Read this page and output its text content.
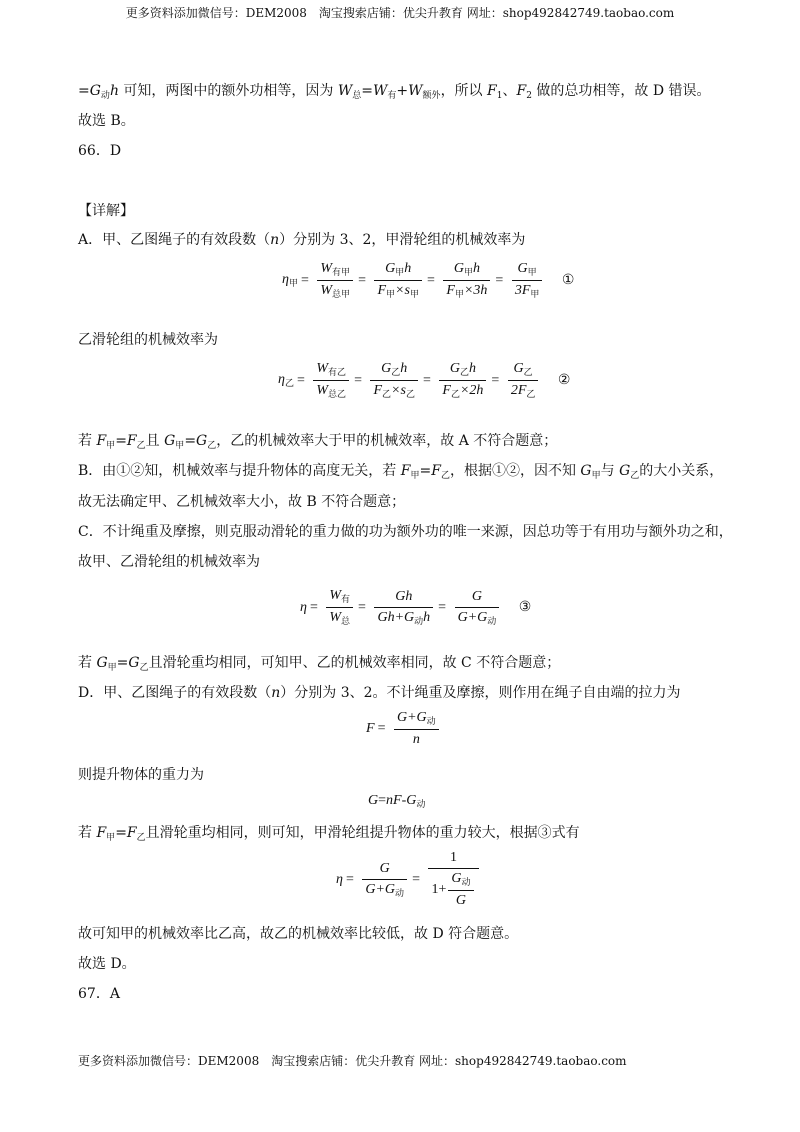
更多资料添加微信号：DEM2008　淘宝搜索店铺：优尖升教育 网址：shop492842749.taobao.com
$=G_动h$ 可知，两图中的额外功相等，因为 $W_总=W_有+W_{额外}$，所以 $F_1$、$F_2$ 做的总功相等，故 D 错误。
故选 B。
66．D
【详解】
A．甲、乙图绳子的有效段数（n）分别为 3、2，甲滑轮组的机械效率为
$\eta_甲 = \frac{W_{有甲}}{W_{总甲}} = \frac{G_甲h}{F_甲\times s_甲} = \frac{G_甲h}{F_甲\times 3h} = \frac{G_甲}{3F_甲}$ ①
乙滑轮组的机械效率为
$\eta_乙 = \frac{W_{有乙}}{W_{总乙}} = \frac{G_乙h}{F_乙\times s_乙} = \frac{G_乙h}{F_乙\times 2h} = \frac{G_乙}{2F_乙}$ ②
若 $F_甲=F_乙$且 $G_甲=G_乙$，乙的机械效率大于甲的机械效率，故 A 不符合题意；
B．由①②知，机械效率与提升物体的高度无关，若 $F_甲=F_乙$，根据①②，因不知 $G_甲$与 $G_乙$的大小关系，
故无法确定甲、乙机械效率大小，故 B 不符合题意；
C．不计绳重及摩擦，则克服动滑轮的重力做的功为额外功的唯一来源，因总功等于有用功与额外功之和，
故甲、乙滑轮组的机械效率为
$\eta = \frac{W_有}{W_总} = \frac{Gh}{Gh+G_动h} = \frac{G}{G+G_动}$ ③
若 $G_甲=G_乙$且滑轮重均相同，可知甲、乙的机械效率相同，故 C 不符合题意；
D．甲、乙图绳子的有效段数（n）分别为 3、2。不计绳重及摩擦，则作用在绳子自由端的拉力为
$F = \frac{G+G_动}{n}$
则提升物体的重力为
$G=nF-G_动$
若 $F_甲=F_乙$且滑轮重均相同，则可知，甲滑轮组提升物体的重力较大，根据③式有
$\eta = \frac{G}{G+G_动} = \frac{1}{1+ \frac{G_动}{G}}$
故可知甲的机械效率比乙高，故乙的机械效率比较低，故 D 符合题意。
故选 D。
67．A
更多资料添加微信号：DEM2008　淘宝搜索店铺：优尖升教育 网址：shop492842749.taobao.com
